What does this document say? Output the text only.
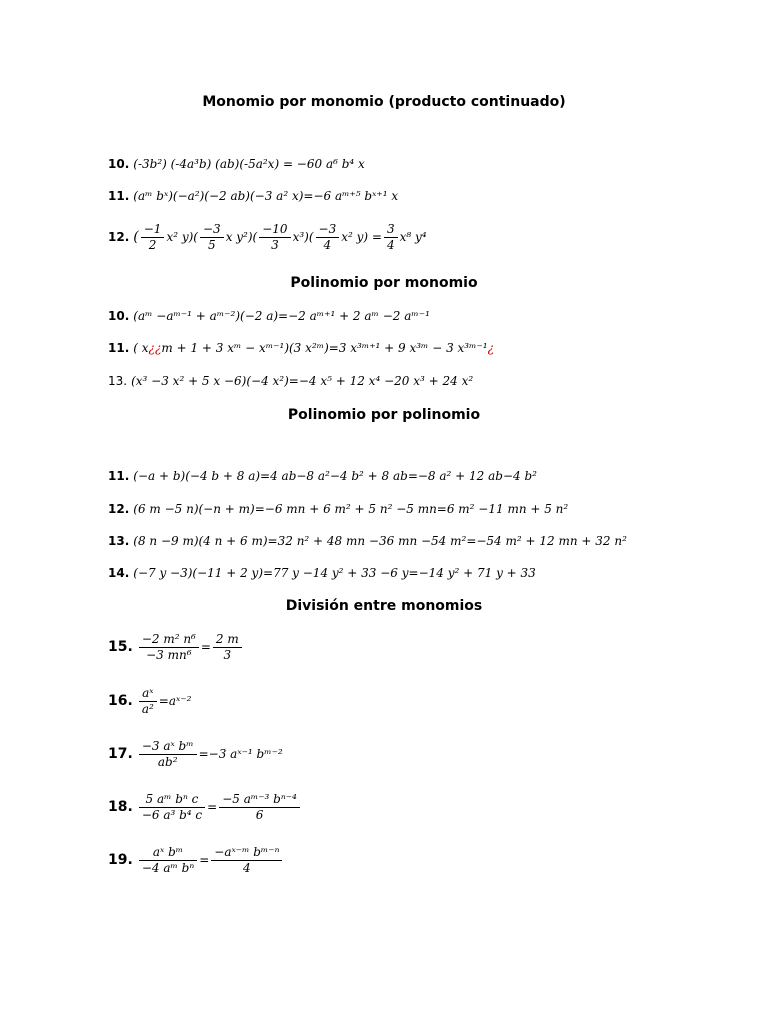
Monomio por monomio (producto continuado)
10. (-3b²) (-4a³b) (ab)(-5a²x) = −60 a⁶ b⁴ x
11. (aᵐ bˣ)(−a²)(−2 ab)(−3 a² x)=−6 aᵐ⁺⁵ bˣ⁺¹ x
12. ( $\frac{-1}{2} x^2$ $y)( \frac{-3}{5}$ x $y^2)( \frac{-10}{3} x^3)( \frac{-3}{4} x^2$ $y) = \frac{3}{4} x^8$ y⁴
Polinomio por monomio
10. (aᵐ −aᵐ⁻¹ + aᵐ⁻²)(−2 a)=−2 aᵐ⁺¹ + 2 aᵐ −2 aᵐ⁻¹
11. ( x¿¿m + 1 + 3 xᵐ − xᵐ⁻¹)(3 x²ᵐ)=3 x³ᵐ⁺¹ + 9 x³ᵐ − 3 x³ᵐ⁻¹¿
13. (x³ −3 x² + 5 x −6)(−4 x²)=−4 x⁵ + 12 x⁴ −20 x³ + 24 x²
Polinomio por polinomio
11. (−a + b)(−4 b + 8 a)=4 ab−8 a²−4 b² + 8 ab=−8 a² + 12 ab−4 b²
12. (6 m −5 n)(−n + m)=−6 mn + 6 m² + 5 n² −5 mn=6 m² −11 mn + 5 n²
13. (8 n −9 m)(4 n + 6 m)=32 n² + 48 mn −36 mn −54 m²=−54 m² + 12 mn + 32 n²
14. (−7 y −3)(−11 + 2 y)=77 y −14 y² + 33 −6 y=−14 y² + 71 y + 33
División entre monomios
15. $\frac{\text{−2 m² n⁶}}{\text{−3 mn⁶}} = \frac{2 m}{3}$
16. $\frac{\text{aˣ}}{\text{a²}}$ =aˣ⁻²
17. $\frac{\text{−3 aˣ bᵐ}}{\text{ab²}} =-3$ aˣ⁻¹ bᵐ⁻²
18. $\frac{\text{5 aᵐ bⁿ c}}{\text{−6 a³ b⁴ c}} = \frac{\text{−5 aᵐ⁻³ bⁿ⁻⁴}}{6}$
19. $\frac{\text{aˣ bᵐ}}{\text{−4 aᵐ bⁿ}} = \frac{\text{−aˣ⁻ᵐ bᵐ⁻ⁿ}}{4}$
